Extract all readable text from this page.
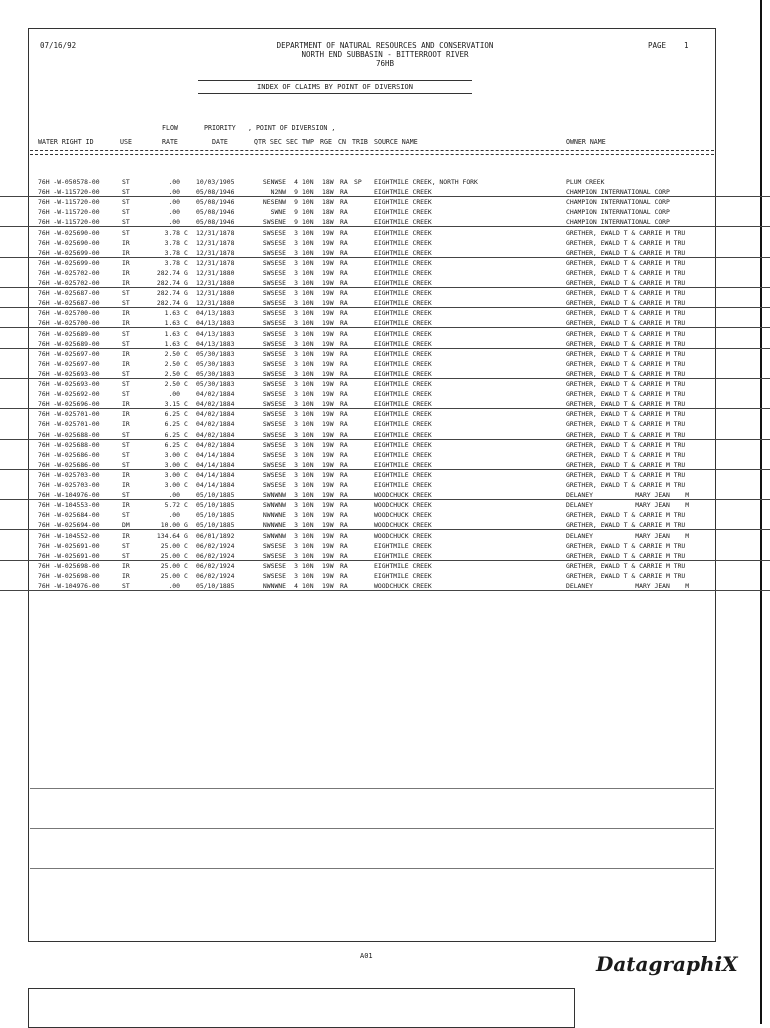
07/16/92	DEPARTMENT OF NATURAL RESOURCES AND CONSERVATION
NORTH END SUBBASIN - BITTERROOT RIVER
76HB
PAGE 1
INDEX OF CLAIMS BY POINT OF DIVERSION
FLOW	PRIORITY , POINT OF DIVERSION ,
WATER RIGHT ID	USE	RATE	DATE	QTR SEC SEC TWP RGE CN TRIB SOURCE NAME	OWNER NAME
76H -W-050578-00	ST	.00	10/03/1905	SENWSE	4 10N	18W	RA SP	EIGHTMILE CREEK, NORTH FORK	PLUM CREEK
76H -W-115720-00	ST	.00	05/08/1946	N2NW	9 10N	18W	RA	EIGHTMILE CREEK	CHAMPION INTERNATIONAL CORP
76H -W-115720-00	ST	.00	05/08/1946	NESENW	9 10N	18W	RA	EIGHTMILE CREEK	CHAMPION INTERNATIONAL CORP
76H -W-115720-00	ST	.00	05/08/1946	SWNE	9 10N	18W	RA	EIGHTMILE CREEK	CHAMPION INTERNATIONAL CORP
76H -W-115720-00	ST	.00	05/08/1946	SWSENE	9 10N	18W	RA	EIGHTMILE CREEK	CHAMPION INTERNATIONAL CORP
76H -W-025690-00	ST	3.78 C	12/31/1878	SWSESE	3 10N	19W	RA	EIGHTMILE CREEK	GRETHER, EWALD T & CARRIE M TRU
76H -W-025690-00	IR	3.78 C	12/31/1878	SWSESE	3 10N	19W	RA	EIGHTMILE CREEK	GRETHER, EWALD T & CARRIE M TRU
76H -W-025699-00	IR	3.78 C	12/31/1878	SWSESE	3 10N	19W	RA	EIGHTMILE CREEK	GRETHER, EWALD T & CARRIE M TRU
76H -W-025699-00	IR	3.78 C	12/31/1878	SWSESE	3 10N	19W	RA	EIGHTMILE CREEK	GRETHER, EWALD T & CARRIE M TRU
76H -W-025702-00	IR	282.74 G	12/31/1880	SWSESE	3 10N	19W	RA	EIGHTMILE CREEK	GRETHER, EWALD T & CARRIE M TRU
76H -W-025702-00	IR	282.74 G	12/31/1880	SWSESE	3 10N	19W	RA	EIGHTMILE CREEK	GRETHER, EWALD T & CARRIE M TRU
76H -W-025687-00	ST	282.74 G	12/31/1880	SWSESE	3 10N	19W	RA	EIGHTMILE CREEK	GRETHER, EWALD T & CARRIE M TRU
76H -W-025687-00	ST	282.74 G	12/31/1880	SWSESE	3 10N	19W	RA	EIGHTMILE CREEK	GRETHER, EWALD T & CARRIE M TRU
76H -W-025700-00	IR	1.63 C	04/13/1883	SWSESE	3 10N	19W	RA	EIGHTMILE CREEK	GRETHER, EWALD T & CARRIE M TRU
76H -W-025700-00	IR	1.63 C	04/13/1883	SWSESE	3 10N	19W	RA	EIGHTMILE CREEK	GRETHER, EWALD T & CARRIE M TRU
76H -W-025689-00	ST	1.63 C	04/13/1883	SWSESE	3 10N	19W	RA	EIGHTMILE CREEK	GRETHER, EWALD T & CARRIE M TRU
76H -W-025689-00	ST	1.63 C	04/13/1883	SWSESE	3 10N	19W	RA	EIGHTMILE CREEK	GRETHER, EWALD T & CARRIE M TRU
76H -W-025697-00	IR	2.50 C	05/30/1883	SWSESE	3 10N	19W	RA	EIGHTMILE CREEK	GRETHER, EWALD T & CARRIE M TRU
76H -W-025697-00	IR	2.50 C	05/30/1883	SWSESE	3 10N	19W	RA	EIGHTMILE CREEK	GRETHER, EWALD T & CARRIE M TRU
76H -W-025693-00	ST	2.50 C	05/30/1883	SWSESE	3 10N	19W	RA	EIGHTMILE CREEK	GRETHER, EWALD T & CARRIE M TRU
76H -W-025693-00	ST	2.50 C	05/30/1883	SWSESE	3 10N	19W	RA	EIGHTMILE CREEK	GRETHER, EWALD T & CARRIE M TRU
76H -W-025692-00	ST	.00	04/02/1884	SWSESE	3 10N	19W	RA	EIGHTMILE CREEK	GRETHER, EWALD T & CARRIE M TRU
76H -W-025696-00	IR	3.15 C	04/02/1884	SWSESE	3 10N	19W	RA	EIGHTMILE CREEK	GRETHER, EWALD T & CARRIE M TRU
76H -W-025701-00	IR	6.25 C	04/02/1884	SWSESE	3 10N	19W	RA	EIGHTMILE CREEK	GRETHER, EWALD T & CARRIE M TRU
76H -W-025701-00	IR	6.25 C	04/02/1884	SWSESE	3 10N	19W	RA	EIGHTMILE CREEK	GRETHER, EWALD T & CARRIE M TRU
76H -W-025688-00	ST	6.25 C	04/02/1884	SWSESE	3 10N	19W	RA	EIGHTMILE CREEK	GRETHER, EWALD T & CARRIE M TRU
76H -W-025688-00	ST	6.25 C	04/02/1884	SWSESE	3 10N	19W	RA	EIGHTMILE CREEK	GRETHER, EWALD T & CARRIE M TRU
76H -W-025686-00	ST	3.00 C	04/14/1884	SWSESE	3 10N	19W	RA	EIGHTMILE CREEK	GRETHER, EWALD T & CARRIE M TRU
76H -W-025686-00	ST	3.00 C	04/14/1884	SWSESE	3 10N	19W	RA	EIGHTMILE CREEK	GRETHER, EWALD T & CARRIE M TRU
76H -W-025703-00	IR	3.00 C	04/14/1884	SWSESE	3 10N	19W	RA	EIGHTMILE CREEK	GRETHER, EWALD T & CARRIE M TRU
76H -W-025703-00	IR	3.00 C	04/14/1884	SWSESE	3 10N	19W	RA	EIGHTMILE CREEK	GRETHER, EWALD T & CARRIE M TRU
76H -W-104976-00	ST	.00	05/10/1885	SWNWNW	3 10N	19W	RA	WOODCHUCK CREEK	DELANEY           MARY JEAN    M
76H -W-104553-00	IR	5.72 C	05/10/1885	SWNWNW	3 10N	19W	RA	WOODCHUCK CREEK	DELANEY           MARY JEAN    M
76H -W-025684-00	ST	.00	05/10/1885	NWNWNE	3 10N	19W	RA	WOODCHUCK CREEK	GRETHER, EWALD T & CARRIE M TRU
76H -W-025694-00	DM	10.00 G	05/10/1885	NWNWNE	3 10N	19W	RA	WOODCHUCK CREEK	GRETHER, EWALD T & CARRIE M TRU
76H -W-104552-00	IR	134.64 G	06/01/1892	SWNWNW	3 10N	19W	RA	WOODCHUCK CREEK	DELANEY           MARY JEAN    M
76H -W-025691-00	ST	25.00 C	06/02/1924	SWSESE	3 10N	19W	RA	EIGHTMILE CREEK	GRETHER, EWALD T & CARRIE M TRU
76H -W-025691-00	ST	25.00 C	06/02/1924	SWSESE	3 10N	19W	RA	EIGHTMILE CREEK	GRETHER, EWALD T & CARRIE M TRU
76H -W-025698-00	IR	25.00 C	06/02/1924	SWSESE	3 10N	19W	RA	EIGHTMILE CREEK	GRETHER, EWALD T & CARRIE M TRU
76H -W-025698-00	IR	25.00 C	06/02/1924	SWSESE	3 10N	19W	RA	EIGHTMILE CREEK	GRETHER, EWALD T & CARRIE M TRU
76H -W-104976-00	ST	.00	05/10/1885	NWNWNE	4 10N	19W	RA	WOODCHUCK CREEK	DELANEY           MARY JEAN    M
A01	DatagraphiX
